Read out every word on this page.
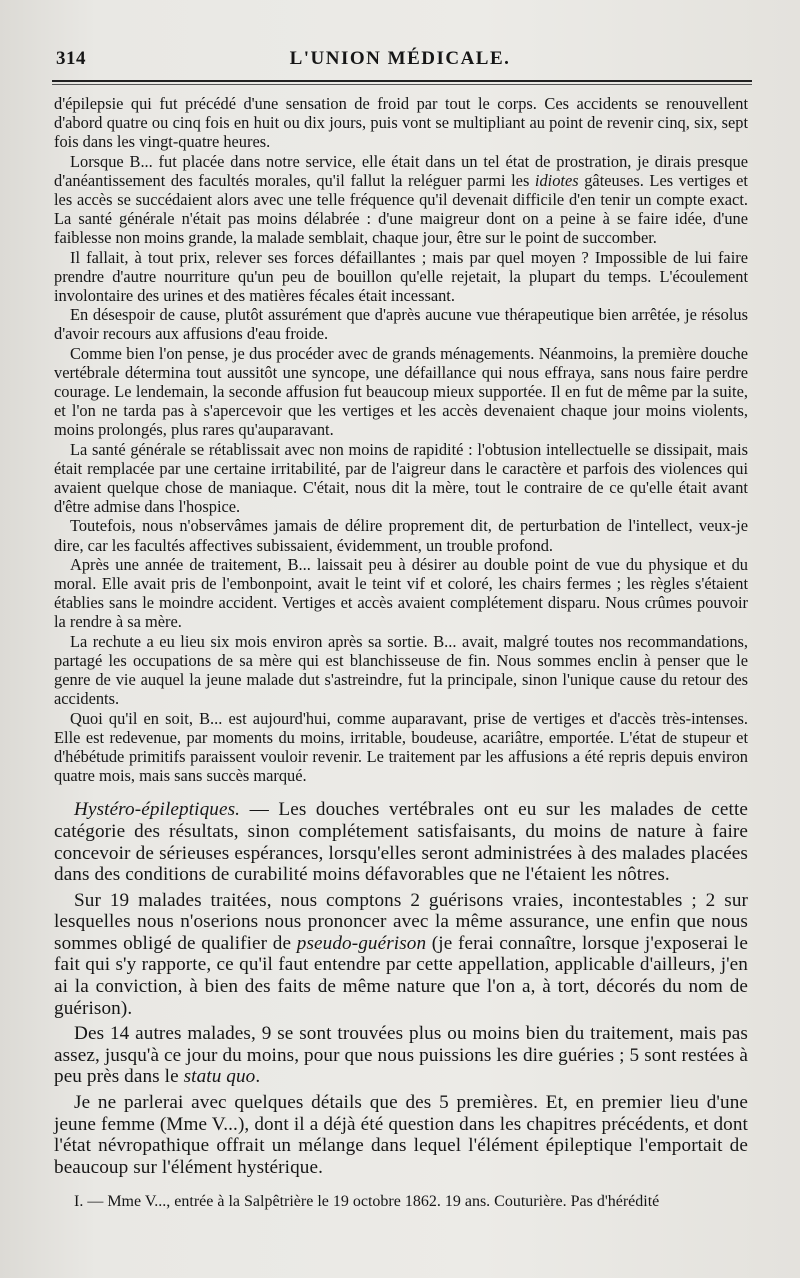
314	L'UNION MÉDICALE.

d'épilepsie qui fut précédé d'une sensation de froid par tout le corps. Ces accidents se renouvellent d'abord quatre ou cinq fois en huit ou dix jours, puis vont se multipliant au point de revenir cinq, six, sept fois dans les vingt-quatre heures.

Lorsque B... fut placée dans notre service, elle était dans un tel état de prostration, je dirais presque d'anéantissement des facultés morales, qu'il fallut la reléguer parmi les idiotes gâteuses. Les vertiges et les accès se succédaient alors avec une telle fréquence qu'il devenait difficile d'en tenir un compte exact. La santé générale n'était pas moins délabrée : d'une maigreur dont on a peine à se faire idée, d'une faiblesse non moins grande, la malade semblait, chaque jour, être sur le point de succomber.

Il fallait, à tout prix, relever ses forces défaillantes ; mais par quel moyen ? Impossible de lui faire prendre d'autre nourriture qu'un peu de bouillon qu'elle rejetait, la plupart du temps. L'écoulement involontaire des urines et des matières fécales était incessant.

En désespoir de cause, plutôt assurément que d'après aucune vue thérapeutique bien arrêtée, je résolus d'avoir recours aux affusions d'eau froide.

Comme bien l'on pense, je dus procéder avec de grands ménagements. Néanmoins, la première douche vertébrale détermina tout aussitôt une syncope, une défaillance qui nous effraya, sans nous faire perdre courage. Le lendemain, la seconde affusion fut beaucoup mieux supportée. Il en fut de même par la suite, et l'on ne tarda pas à s'apercevoir que les vertiges et les accès devenaient chaque jour moins violents, moins prolongés, plus rares qu'auparavant.

La santé générale se rétablissait avec non moins de rapidité : l'obtusion intellectuelle se dissipait, mais était remplacée par une certaine irritabilité, par de l'aigreur dans le caractère et parfois des violences qui avaient quelque chose de maniaque. C'était, nous dit la mère, tout le contraire de ce qu'elle était avant d'être admise dans l'hospice.

Toutefois, nous n'observâmes jamais de délire proprement dit, de perturbation de l'intellect, veux-je dire, car les facultés affectives subissaient, évidemment, un trouble profond.

Après une année de traitement, B... laissait peu à désirer au double point de vue du physique et du moral. Elle avait pris de l'embonpoint, avait le teint vif et coloré, les chairs fermes ; les règles s'étaient établies sans le moindre accident. Vertiges et accès avaient complétement disparu. Nous crûmes pouvoir la rendre à sa mère.

La rechute a eu lieu six mois environ après sa sortie. B... avait, malgré toutes nos recommandations, partagé les occupations de sa mère qui est blanchisseuse de fin. Nous sommes enclin à penser que le genre de vie auquel la jeune malade dut s'astreindre, fut la principale, sinon l'unique cause du retour des accidents.

Quoi qu'il en soit, B... est aujourd'hui, comme auparavant, prise de vertiges et d'accès très-intenses. Elle est redevenue, par moments du moins, irritable, boudeuse, acariâtre, emportée. L'état de stupeur et d'hébétude primitifs paraissent vouloir revenir. Le traitement par les affusions a été repris depuis environ quatre mois, mais sans succès marqué.

Hystéro-épileptiques. — Les douches vertébrales ont eu sur les malades de cette catégorie des résultats, sinon complétement satisfaisants, du moins de nature à faire concevoir de sérieuses espérances, lorsqu'elles seront administrées à des malades placées dans des conditions de curabilité moins défavorables que ne l'étaient les nôtres.

Sur 19 malades traitées, nous comptons 2 guérisons vraies, incontestables ; 2 sur lesquelles nous n'oserions nous prononcer avec la même assurance, une enfin que nous sommes obligé de qualifier de pseudo-guérison (je ferai connaître, lorsque j'exposerai le fait qui s'y rapporte, ce qu'il faut entendre par cette appellation, applicable d'ailleurs, j'en ai la conviction, à bien des faits de même nature que l'on a, à tort, décorés du nom de guérison).

Des 14 autres malades, 9 se sont trouvées plus ou moins bien du traitement, mais pas assez, jusqu'à ce jour du moins, pour que nous puissions les dire guéries ; 5 sont restées à peu près dans le statu quo.

Je ne parlerai avec quelques détails que des 5 premières. Et, en premier lieu d'une jeune femme (Mme V...), dont il a déjà été question dans les chapitres précédents, et dont l'état névropathique offrait un mélange dans lequel l'élément épileptique l'emportait de beaucoup sur l'élément hystérique.

I. — Mme V..., entrée à la Salpêtrière le 19 octobre 1862. 19 ans. Couturière. Pas d'hérédité
